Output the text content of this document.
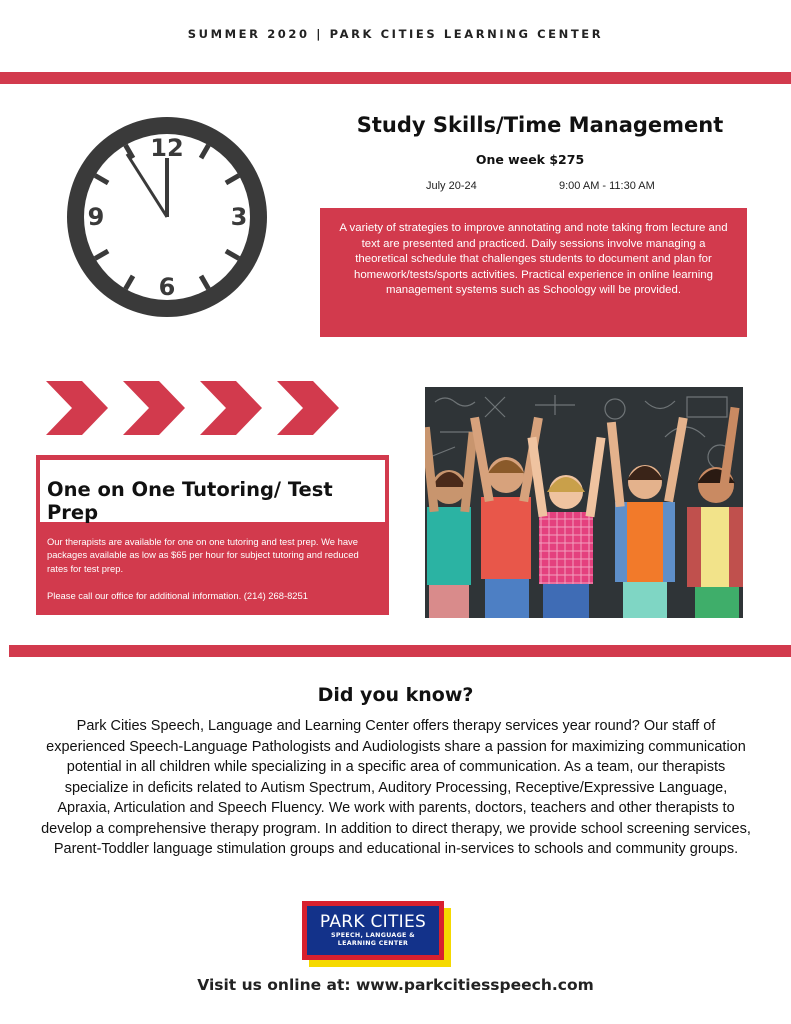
SUMMER 2020 | PARK CITIES LEARNING CENTER
12
3
6
9
Study Skills/Time Management
One week $275
July 20-24	9:00 AM - 11:30 AM
A variety of strategies to improve annotating and note taking from lecture and text are presented and practiced. Daily sessions involve managing a theoretical schedule that challenges students to document and plan for homework/tests/sports activities. Practical experience in online learning management systems such as Schoology will be provided.
One on One Tutoring/ Test Prep
Our therapists are available for one on one tutoring and test prep. We have packages available as low as $65 per hour for subject tutoring and reduced rates for test prep.
Please call our office for additional information. (214) 268-8251
Did you know?
Park Cities Speech, Language and Learning Center offers therapy services year round? Our staff of experienced Speech-Language Pathologists and Audiologists share a passion for maximizing communication potential in all children while specializing in a specific area of communication. As a team, our therapists specialize in deficits related to Autism Spectrum, Auditory Processing, Receptive/Expressive Language, Apraxia, Articulation and Speech Fluency. We work with parents, doctors, teachers and other therapists to develop a comprehensive therapy program. In addition to direct therapy, we provide school screening services, Parent-Toddler language stimulation groups and educational in-services to schools and community groups.
PARK CITIES
SPEECH, LANGUAGE &
LEARNING CENTER
Visit us online at: www.parkcitiesspeech.com
